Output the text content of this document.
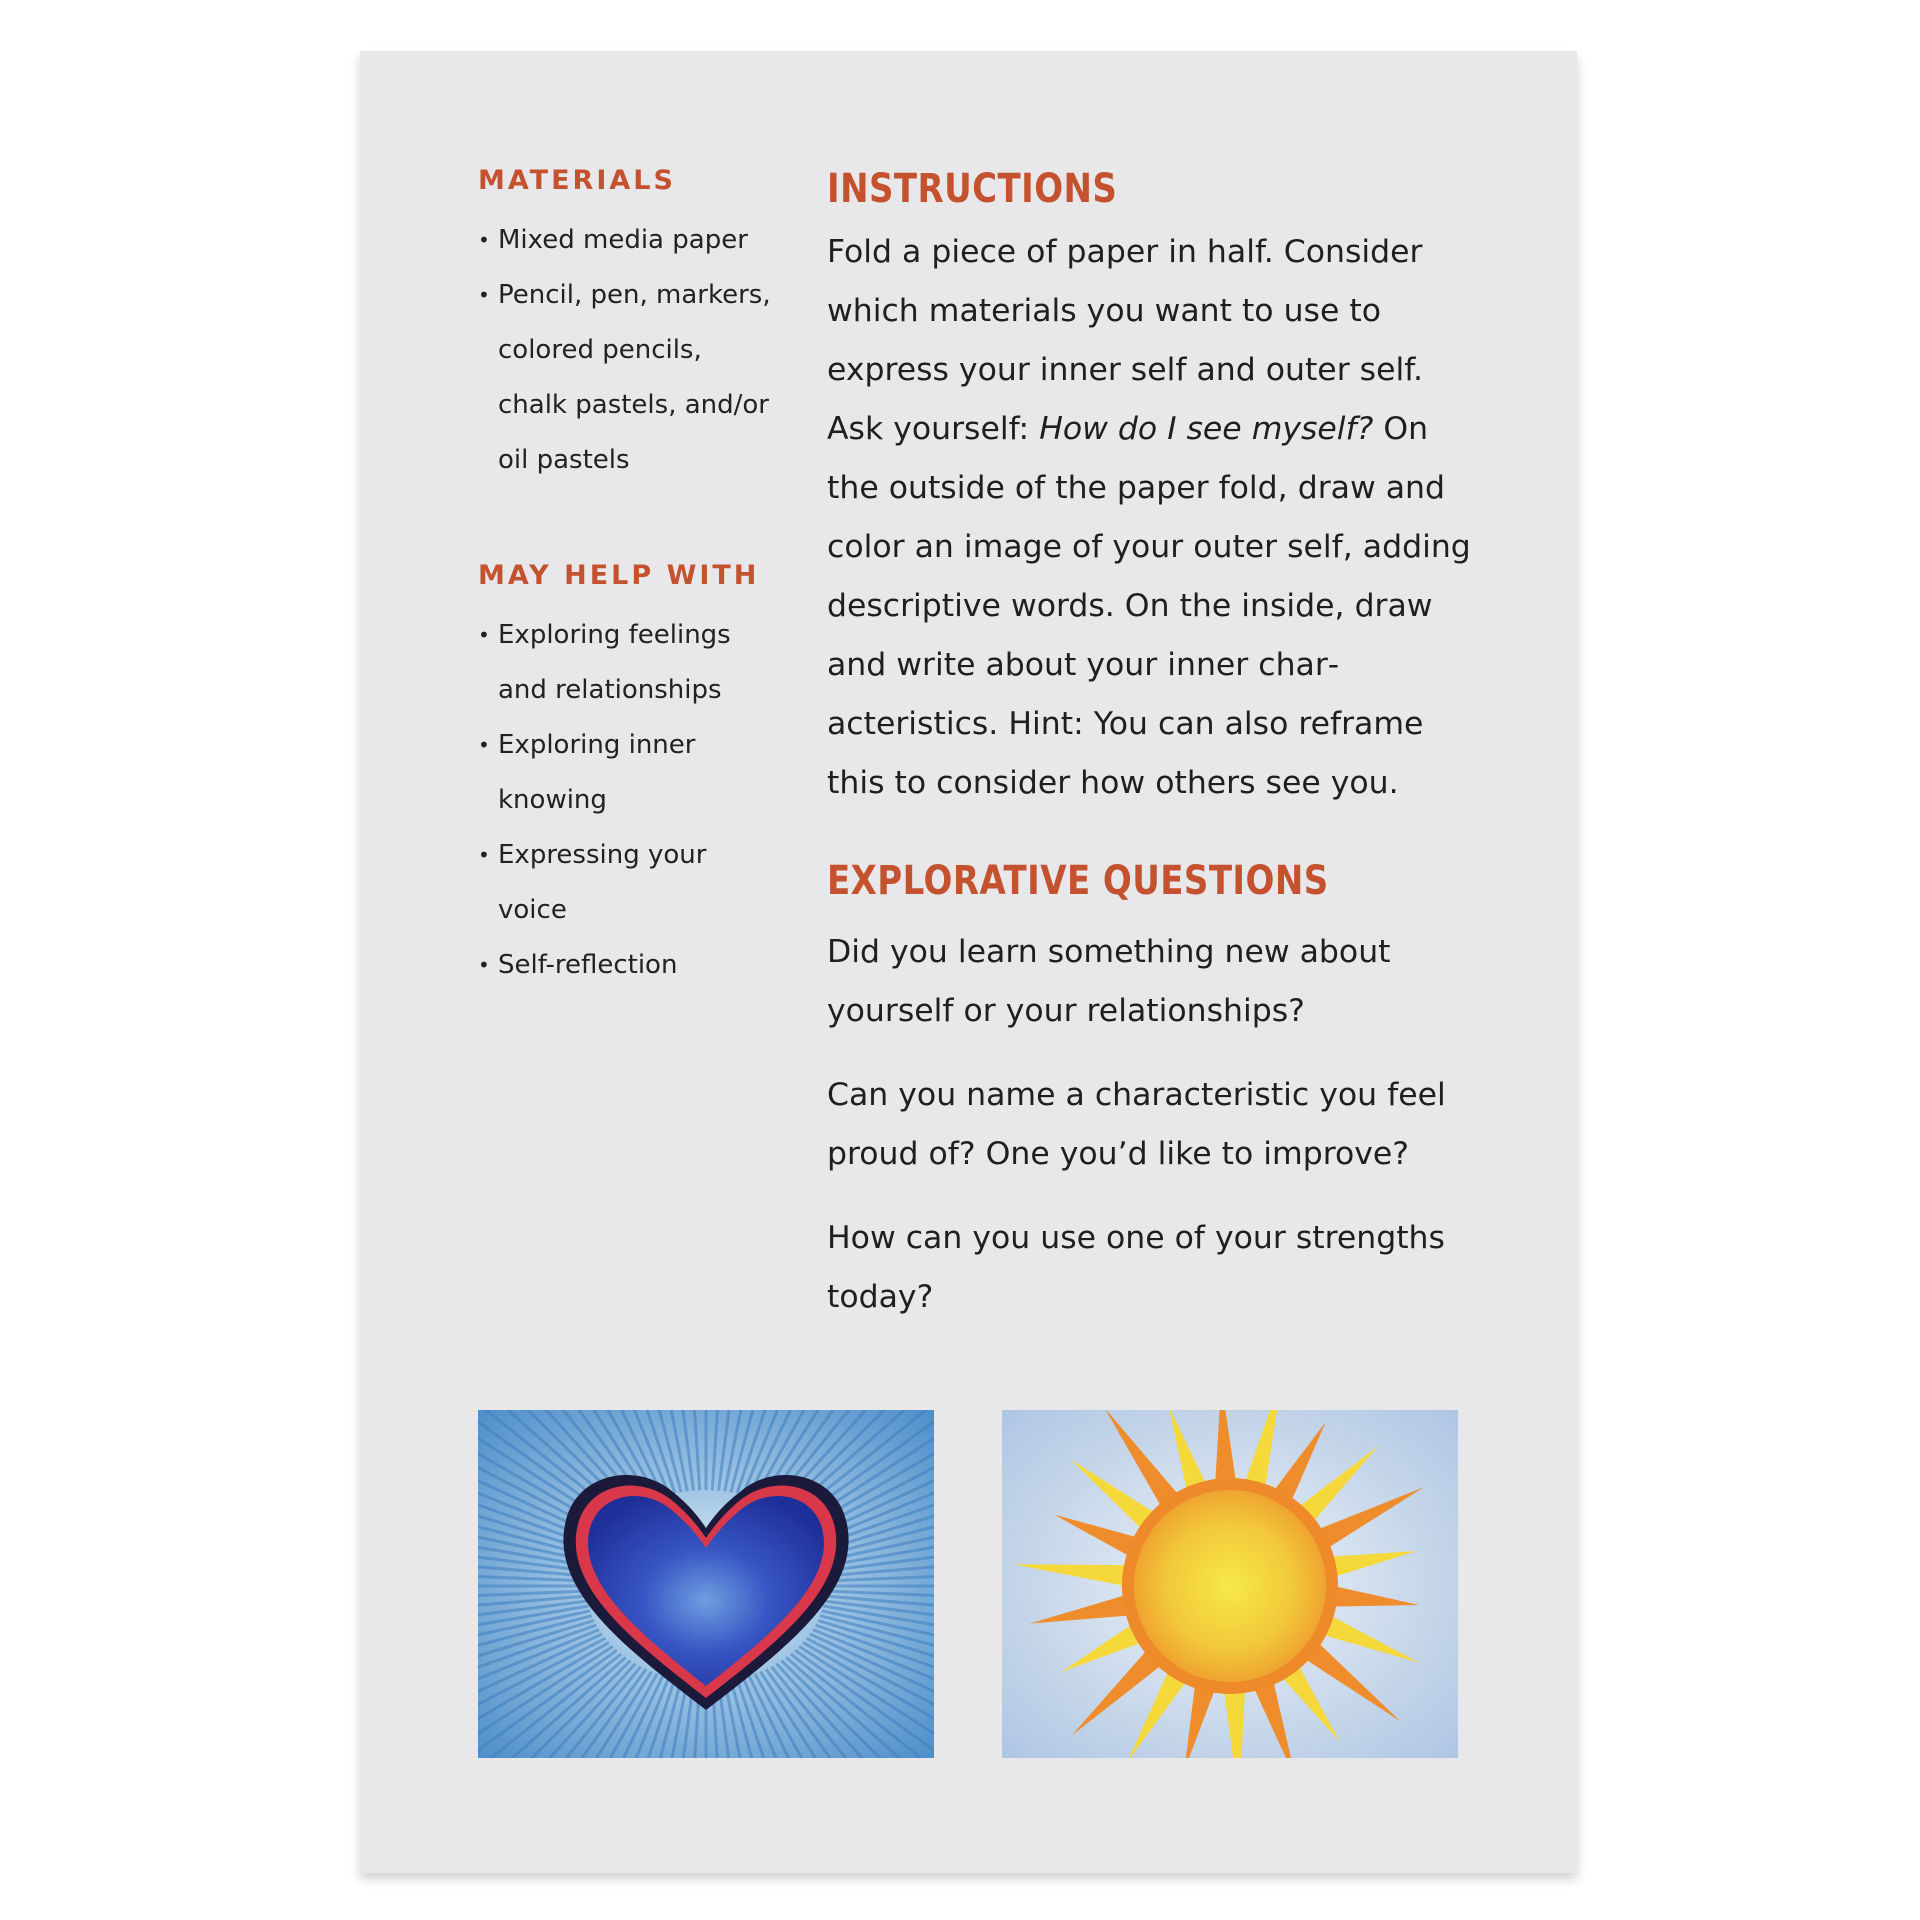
MATERIALS
• Mixed media paper
• Pencil, pen, markers, colored pencils, chalk pastels, and/or oil pastels
MAY HELP WITH
• Exploring feelings and relationships
• Exploring inner knowing
• Expressing your voice
• Self-reflection
INSTRUCTIONS

Fold a piece of paper in half. Consider which materials you want to use to express your inner self and outer self. Ask yourself: How do I see myself? On the outside of the paper fold, draw and color an image of your outer self, adding descriptive words. On the inside, draw and write about your inner characteristics. Hint: You can also reframe this to consider how others see you.

EXPLORATIVE QUESTIONS

Did you learn something new about yourself or your relationships?

Can you name a characteristic you feel proud of? One you’d like to improve?

How can you use one of your strengths today?
